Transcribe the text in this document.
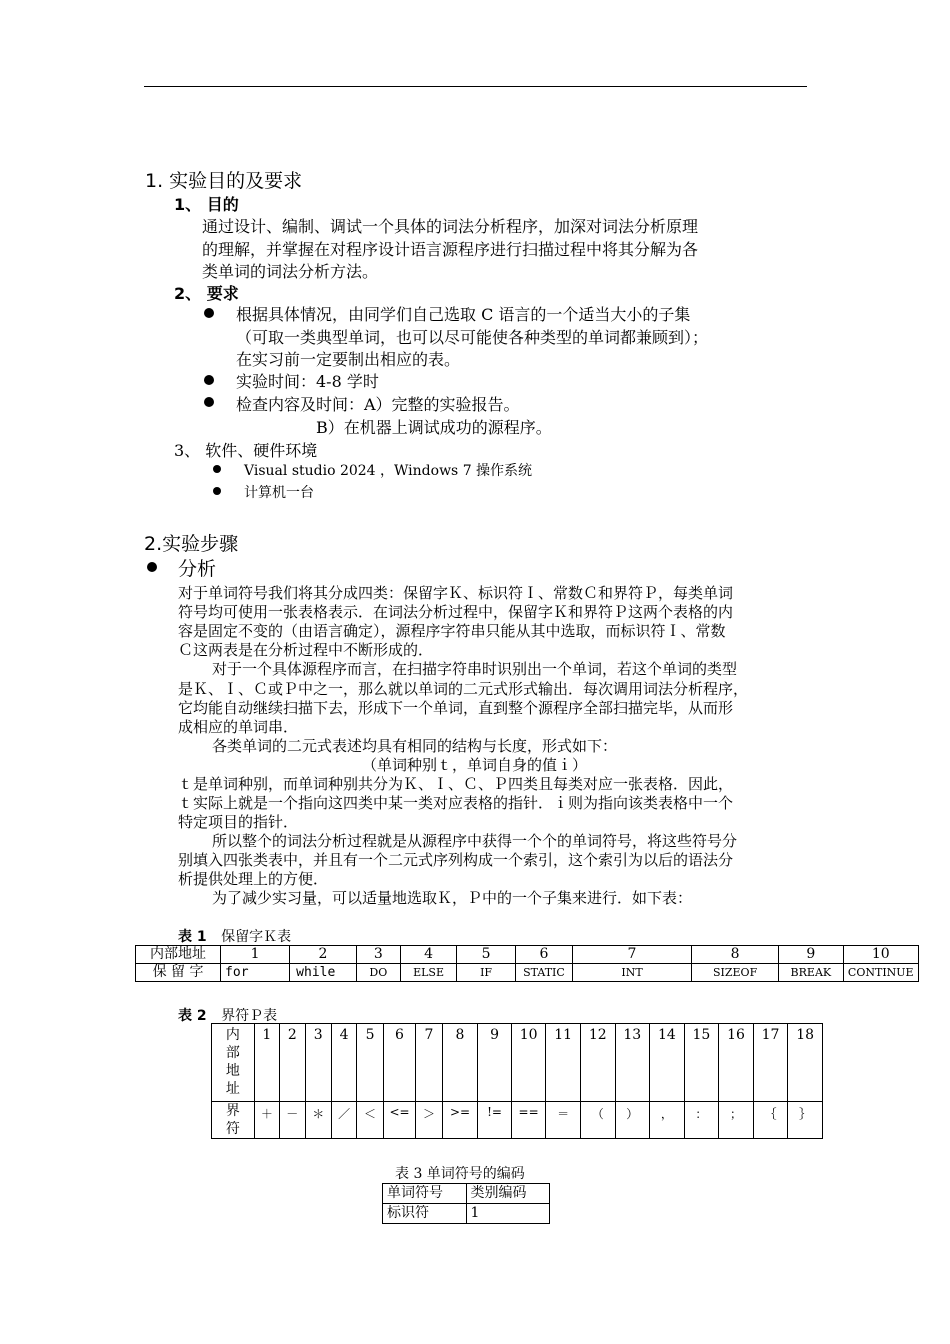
1. 实验目的及要求
1、 目的
通过设计、编制、调试一个具体的词法分析程序，加深对词法分析原理
的理解，并掌握在对程序设计语言源程序进行扫描过程中将其分解为各
类单词的词法分析方法。
2、 要求
根据具体情况，由同学们自己选取 C 语言的一个适当大小的子集
（可取一类典型单词，也可以尽可能使各种类型的单词都兼顾到）；
在实习前一定要制出相应的表。
实验时间：4-8 学时
检查内容及时间：A）完整的实验报告。
B）在机器上调试成功的源程序。
3、 软件、硬件环境
Visual studio 2024 ，Windows 7 操作系统
计算机一台
2.实验步骤
分析
对于单词符号我们将其分成四类：保留字Ｋ、标识符Ｉ、常数Ｃ和界符Ｐ，每类单词
符号均可使用一张表格表示．在词法分析过程中，保留字Ｋ和界符Ｐ这两个表格的内
容是固定不变的（由语言确定），源程序字符串只能从其中选取，而标识符Ｉ、常数
Ｃ这两表是在分析过程中不断形成的．
对于一个具体源程序而言，在扫描字符串时识别出一个单词，若这个单词的类型
是Ｋ、Ｉ、Ｃ或Ｐ中之一，那么就以单词的二元式形式输出．每次调用词法分析程序，
它均能自动继续扫描下去，形成下一个单词，直到整个源程序全部扫描完毕，从而形
成相应的单词串．
各类单词的二元式表述均具有相同的结构与长度，形式如下：
（单词种别ｔ，单词自身的值ｉ）
ｔ是单词种别，而单词种别共分为Ｋ、Ｉ、Ｃ、Ｐ四类且每类对应一张表格．因此，
ｔ实际上就是一个指向这四类中某一类对应表格的指针．ｉ则为指向该类表格中一个
特定项目的指针．
所以整个的词法分析过程就是从源程序中获得一个个的单词符号，将这些符号分
别填入四张类表中，并且有一个二元式序列构成一个索引，这个索引为以后的语法分
析提供处理上的方便．
为了减少实习量，可以适量地选取Ｋ，Ｐ中的一个子集来进行．如下表：
表 1 保留字Ｋ表
内部地址	1	2	3	4	5	6	7	8	9	10
保 留 字	for	while	DO	ELSE	IF	STATIC	INT	SIZEOF	BREAK	CONTINUE
表 2 界符Ｐ表
内
部
地
址	1	2	3	4	5	6	7	8	9	10	11	12	13	14	15	16	17	18

界
符	＋	－	＊	／	＜	<=	＞	>=	!=	==	＝	（	）	，	：	；	｛	｝
表 3 单词符号的编码
单词符号	类别编码
标识符	1
